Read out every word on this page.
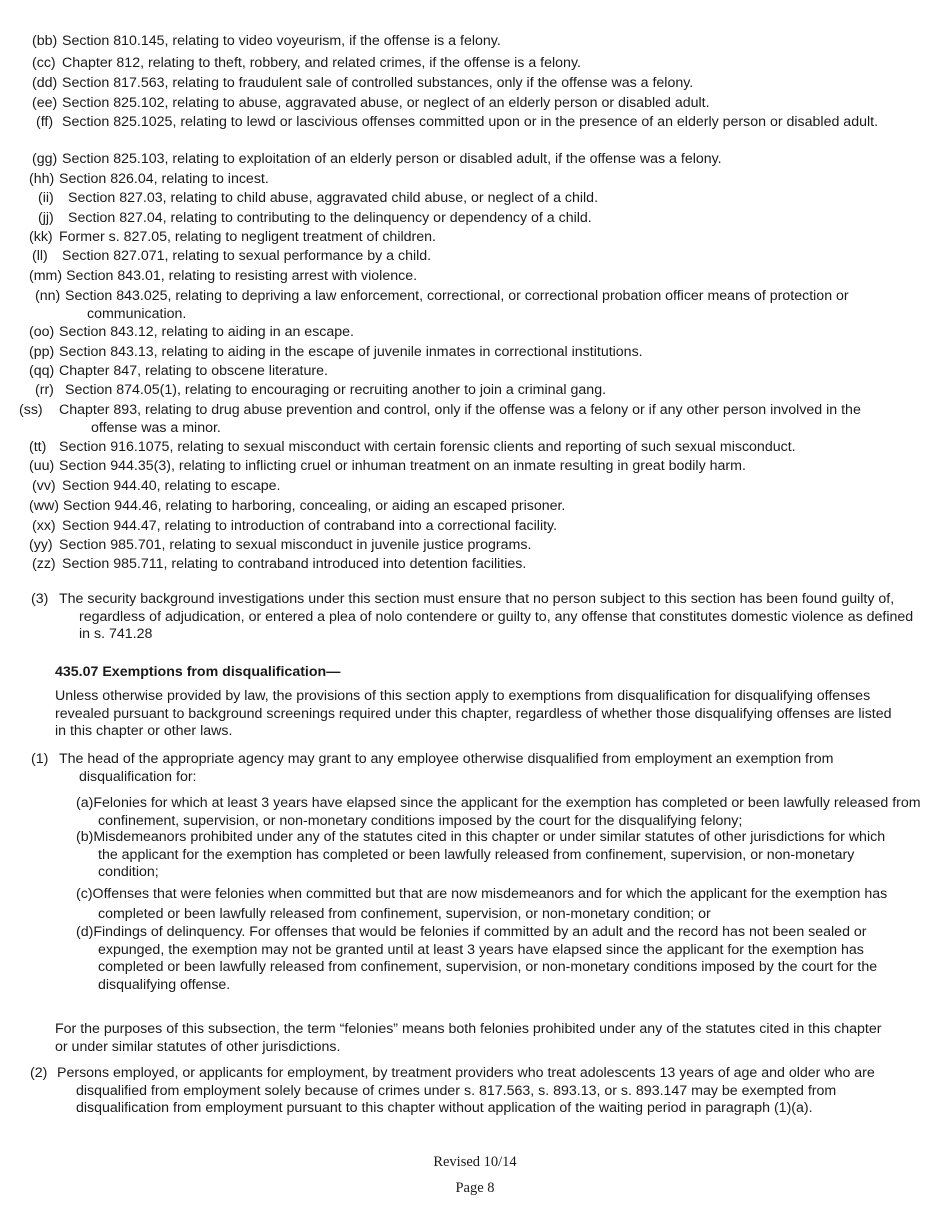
(bb) Section 810.145, relating to video voyeurism, if the offense is a felony.
(cc) Chapter 812, relating to theft, robbery, and related crimes, if the offense is a felony.
(dd) Section 817.563, relating to fraudulent sale of controlled substances, only if the offense was a felony.
(ee) Section 825.102, relating to abuse, aggravated abuse, or neglect of an elderly person or disabled adult.
(ff) Section 825.1025, relating to lewd or lascivious offenses committed upon or in the presence of an elderly person or disabled adult.
(gg) Section 825.103, relating to exploitation of an elderly person or disabled adult, if the offense was a felony.
(hh) Section 826.04, relating to incest.
(ii) Section 827.03, relating to child abuse, aggravated child abuse, or neglect of a child.
(jj) Section 827.04, relating to contributing to the delinquency or dependency of a child.
(kk) Former s. 827.05, relating to negligent treatment of children.
(ll) Section 827.071, relating to sexual performance by a child.
(mm) Section 843.01, relating to resisting arrest with violence.
(nn) Section 843.025, relating to depriving a law enforcement, correctional, or correctional probation officer means of protection or communication.
(oo) Section 843.12, relating to aiding in an escape.
(pp) Section 843.13, relating to aiding in the escape of juvenile inmates in correctional institutions.
(qq) Chapter 847, relating to obscene literature.
(rr) Section 874.05(1), relating to encouraging or recruiting another to join a criminal gang.
(ss) Chapter 893, relating to drug abuse prevention and control, only if the offense was a felony or if any other person involved in the offense was a minor.
(tt) Section 916.1075, relating to sexual misconduct with certain forensic clients and reporting of such sexual misconduct.
(uu) Section 944.35(3), relating to inflicting cruel or inhuman treatment on an inmate resulting in great bodily harm.
(vv) Section 944.40, relating to escape.
(ww) Section 944.46, relating to harboring, concealing, or aiding an escaped prisoner.
(xx) Section 944.47, relating to introduction of contraband into a correctional facility.
(yy) Section 985.701, relating to sexual misconduct in juvenile justice programs.
(zz) Section 985.711, relating to contraband introduced into detention facilities.
(3) The security background investigations under this section must ensure that no person subject to this section has been found guilty of, regardless of adjudication, or entered a plea of nolo contendere or guilty to, any offense that constitutes domestic violence as defined in s. 741.28
435.07 Exemptions from disqualification—
Unless otherwise provided by law, the provisions of this section apply to exemptions from disqualification for disqualifying offenses revealed pursuant to background screenings required under this chapter, regardless of whether those disqualifying offenses are listed in this chapter or other laws.
(1) The head of the appropriate agency may grant to any employee otherwise disqualified from employment an exemption from disqualification for:
(a)Felonies for which at least 3 years have elapsed since the applicant for the exemption has completed or been lawfully released from confinement, supervision, or non-monetary conditions imposed by the court for the disqualifying felony;
(b)Misdemeanors prohibited under any of the statutes cited in this chapter or under similar statutes of other jurisdictions for which the applicant for the exemption has completed or been lawfully released from confinement, supervision, or non-monetary condition;
(c)Offenses that were felonies when committed but that are now misdemeanors and for which the applicant for the exemption has completed or been lawfully released from confinement, supervision, or non-monetary condition; or
(d)Findings of delinquency. For offenses that would be felonies if committed by an adult and the record has not been sealed or expunged, the exemption may not be granted until at least 3 years have elapsed since the applicant for the exemption has completed or been lawfully released from confinement, supervision, or non-monetary conditions imposed by the court for the disqualifying offense.
For the purposes of this subsection, the term “felonies” means both felonies prohibited under any of the statutes cited in this chapter or under similar statutes of other jurisdictions.
(2) Persons employed, or applicants for employment, by treatment providers who treat adolescents 13 years of age and older who are disqualified from employment solely because of crimes under s. 817.563, s. 893.13, or s. 893.147 may be exempted from disqualification from employment pursuant to this chapter without application of the waiting period in paragraph (1)(a).
Revised 10/14
Page 8
